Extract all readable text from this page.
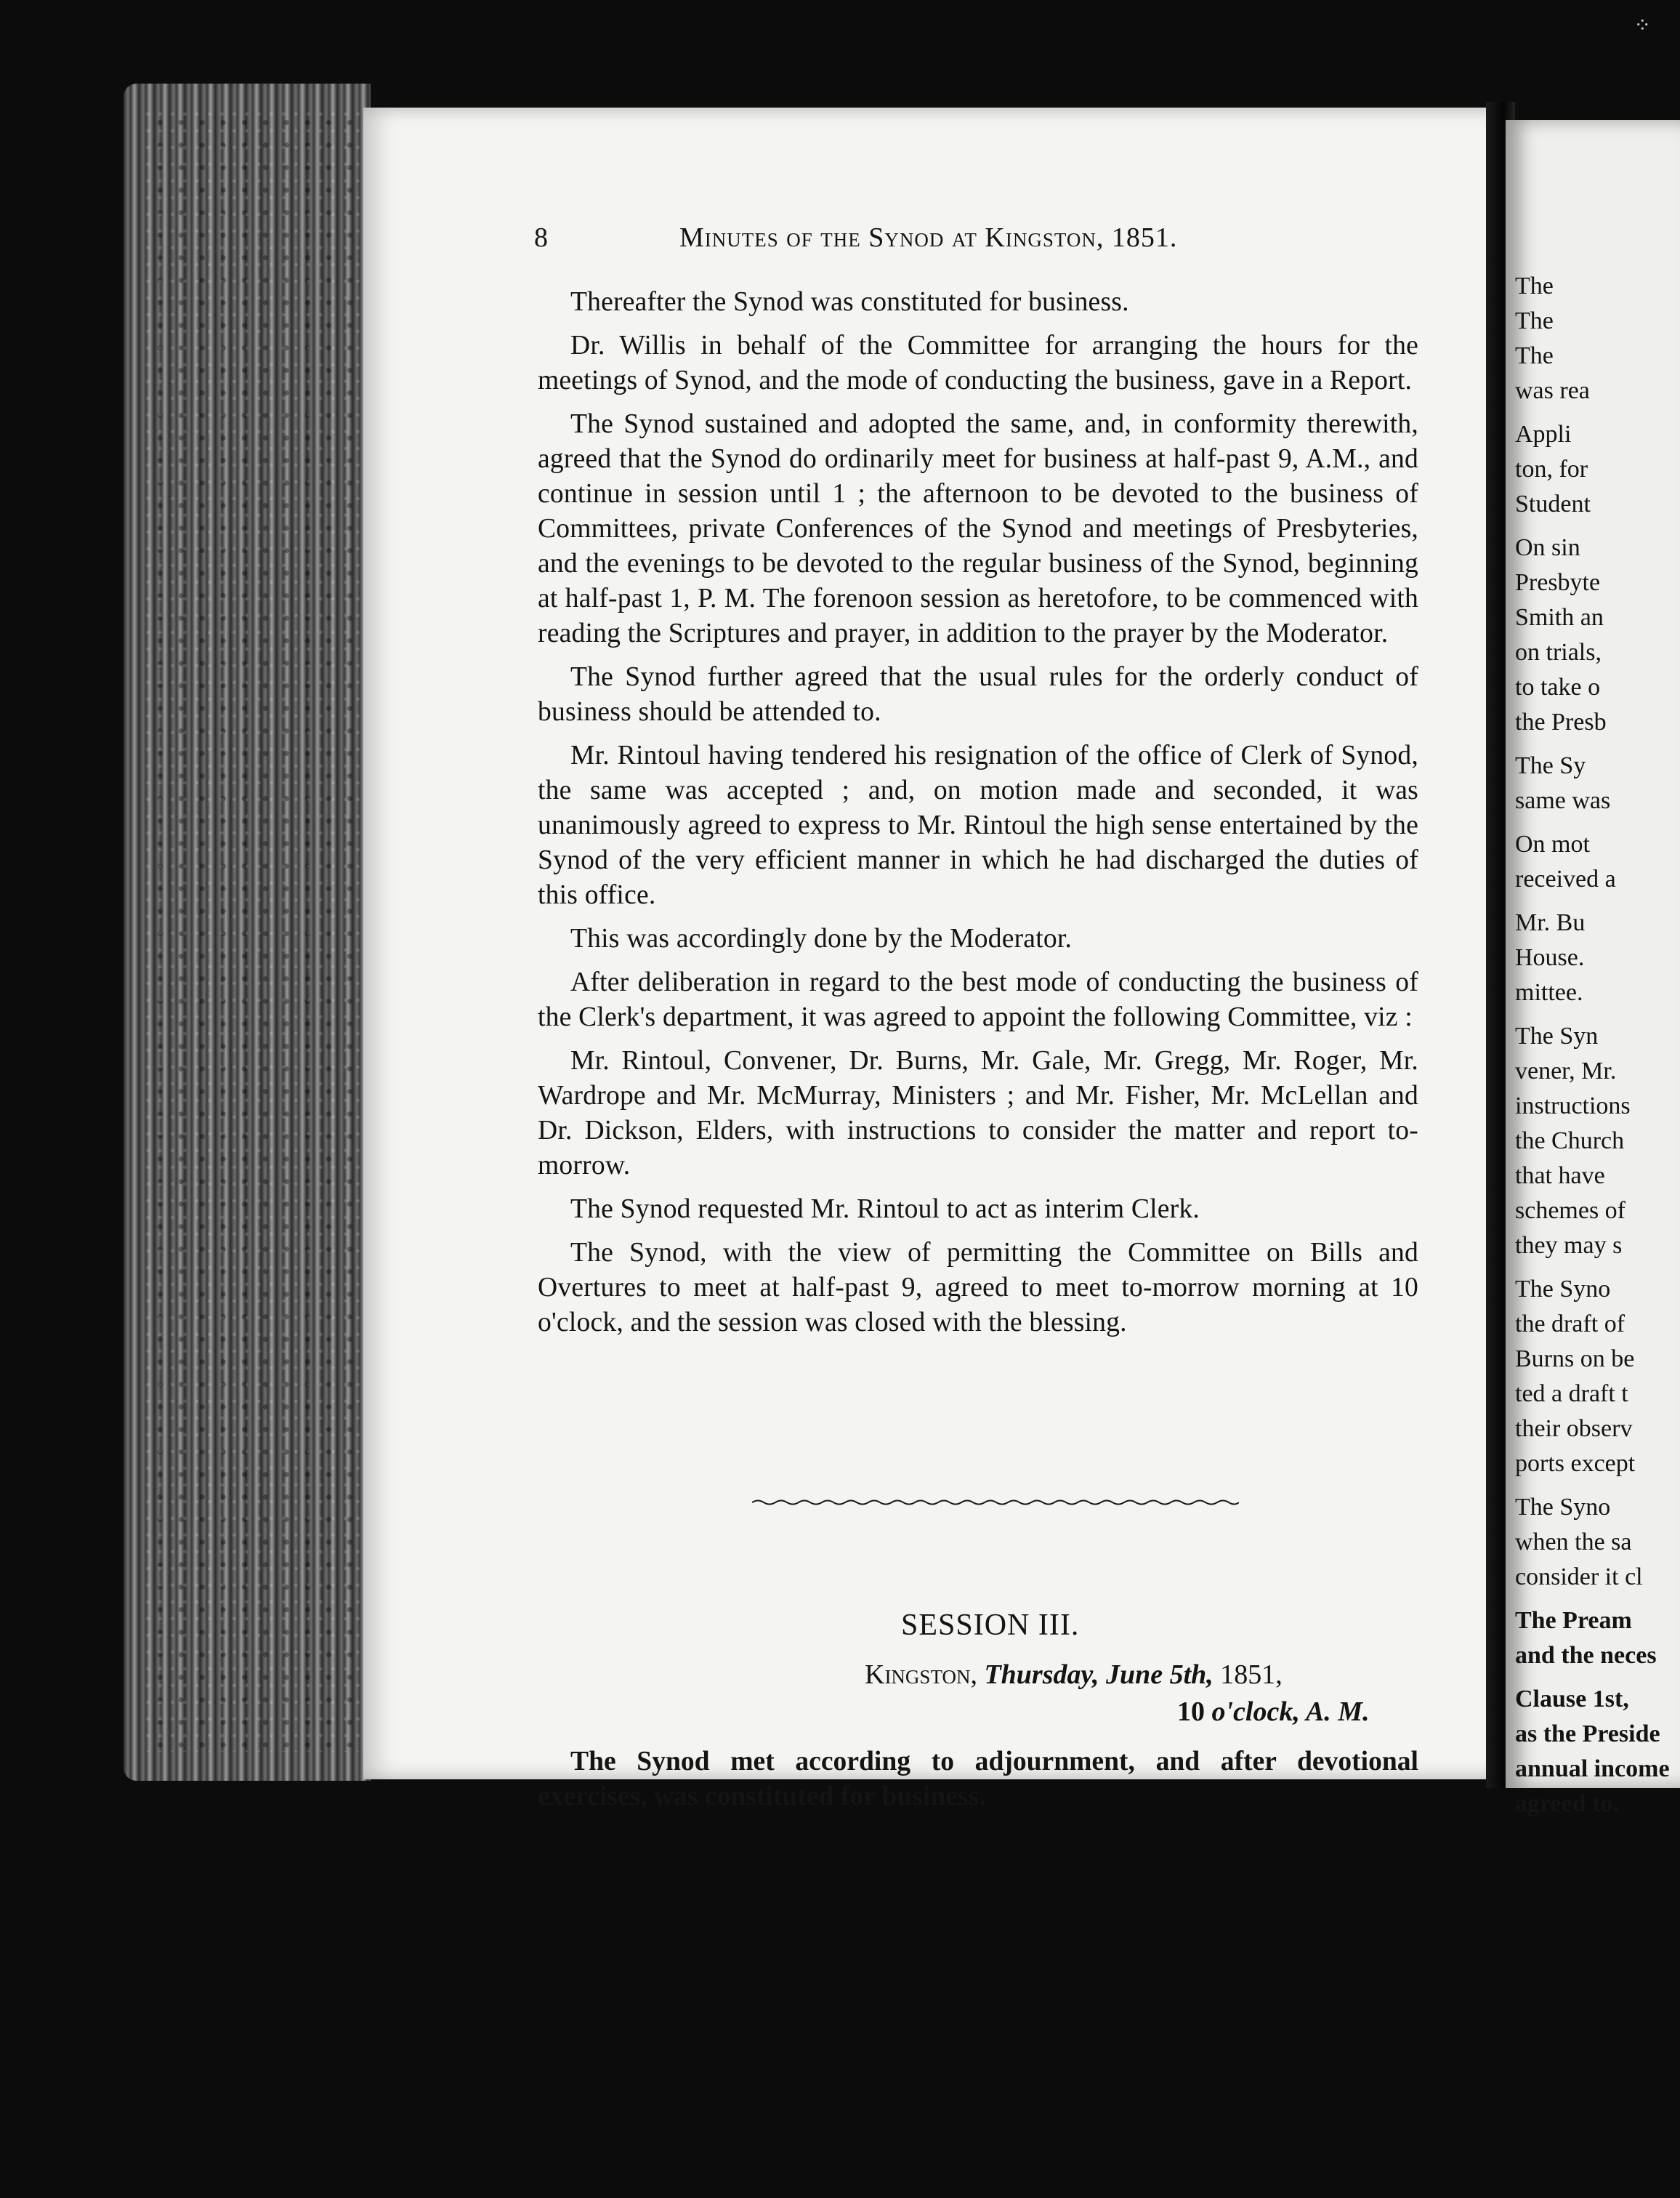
⁘
8	Minutes of the Synod at Kingston, 1851.

Thereafter the Synod was constituted for business.

Dr. Willis in behalf of the Committee for arranging the hours for the meetings of Synod, and the mode of conducting the business, gave in a Report.

The Synod sustained and adopted the same, and, in conformity therewith, agreed that the Synod do ordinarily meet for business at half-past 9, A.M., and continue in session until 1 ; the afternoon to be devoted to the business of Committees, private Conferences of the Synod and meetings of Presbyteries, and the evenings to be devoted to the regular business of the Synod, beginning at half-past 1, P. M. The forenoon session as heretofore, to be commenced with reading the Scriptures and prayer, in addition to the prayer by the Moderator.

The Synod further agreed that the usual rules for the orderly conduct of business should be attended to.

Mr. Rintoul having tendered his resignation of the office of Clerk of Synod, the same was accepted ; and, on motion made and seconded, it was unanimously agreed to express to Mr. Rintoul the high sense entertained by the Synod of the very efficient manner in which he had discharged the duties of this office.

This was accordingly done by the Moderator.

After deliberation in regard to the best mode of conducting the business of the Clerk's department, it was agreed to appoint the following Committee, viz :

Mr. Rintoul, Convener, Dr. Burns, Mr. Gale, Mr. Gregg, Mr. Roger, Mr. Wardrope and Mr. McMurray, Ministers ; and Mr. Fisher, Mr. McLellan and Dr. Dickson, Elders, with instructions to consider the matter and report to-morrow.

The Synod requested Mr. Rintoul to act as interim Clerk.

The Synod, with the view of permitting the Committee on Bills and Overtures to meet at half-past 9, agreed to meet to-morrow morning at 10 o'clock, and the session was closed with the blessing.

SESSION III.
Kingston, Thursday, June 5th, 1851,
10 o'clock, A. M.

The Synod met according to adjournment, and after devotional exercises, was constituted for business.

The
The
The
was rea
Appli
ton, for
Student
On sin
Presbyte
Smith an
on trials,
to take o
the Presb
The Sy
same was
On mot
received a
Mr. Bu
House.
mittee.
The Syn
vener, Mr.
instructions
the Church
that have
schemes of
they may s
The Syno
the draft of
Burns on be
ted a draft t
their observ
ports except
The Syno
when the sa
consider it cl
The Pream
and the neces
Clause 1st,
as the Preside
annual income
agreed to.
